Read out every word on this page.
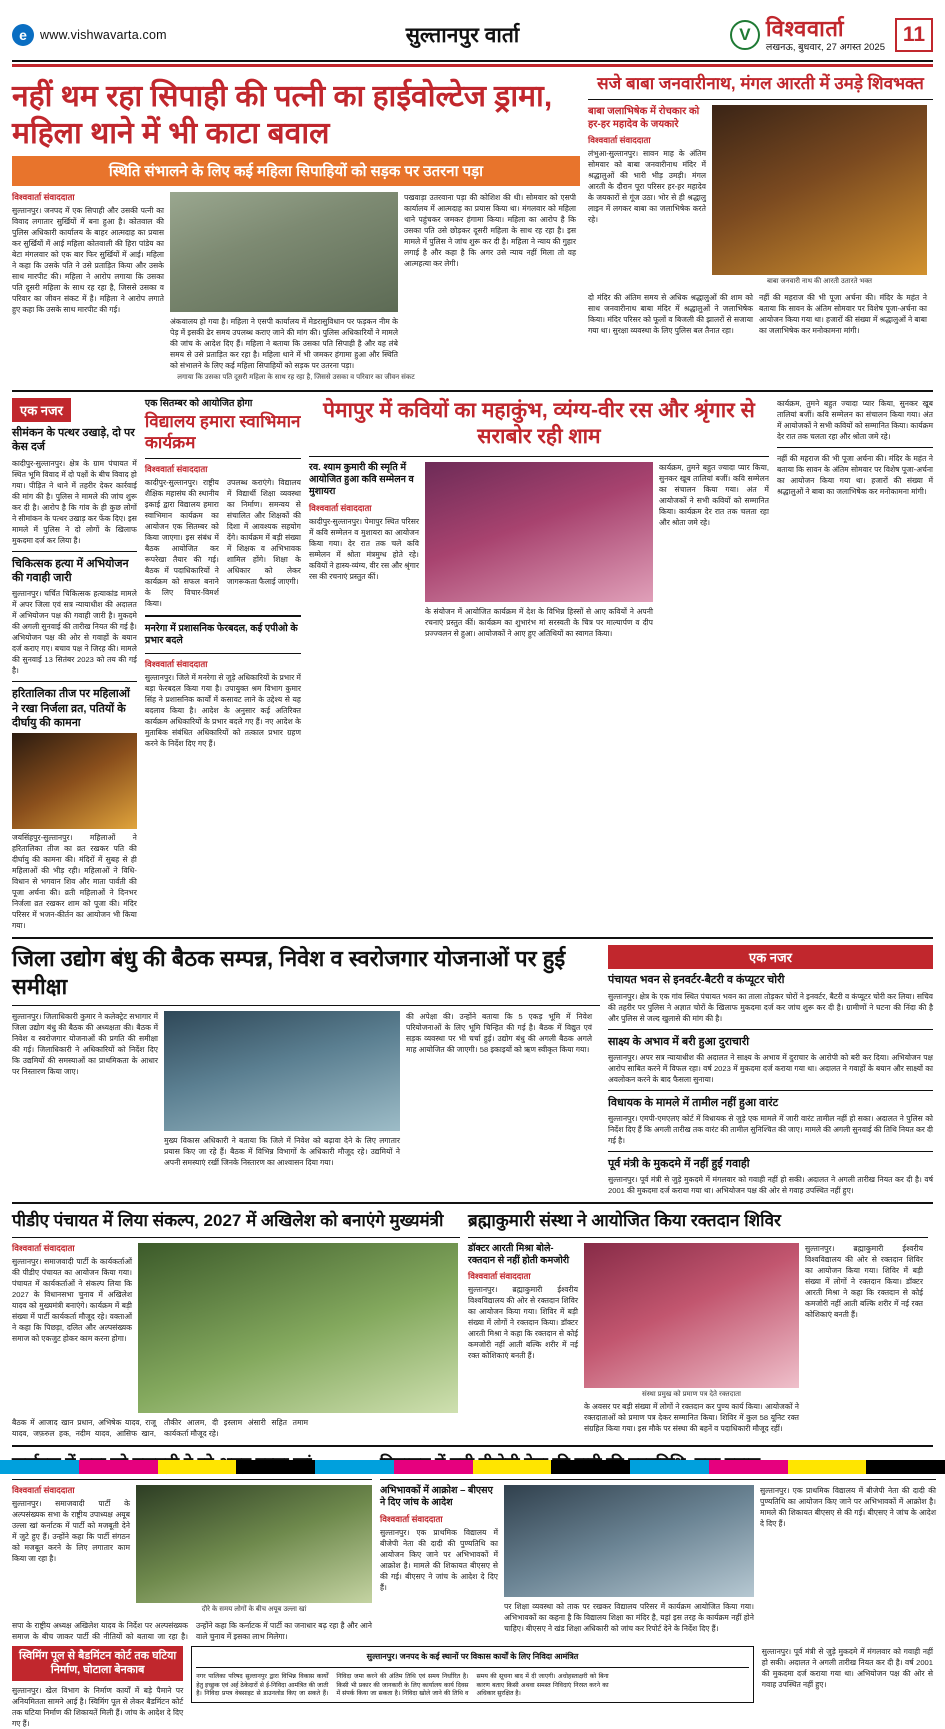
e	www.vishwavarta.com	सुल्तानपुर वार्ता	V विश्ववार्ता
लखनऊ, बुधवार, 27 अगस्त 2025
11
नहीं थम रहा सिपाही की पत्नी का हाईवोल्टेज ड्रामा, महिला थाने में भी काटा बवाल
स्थिति संभालने के लिए कई महिला सिपाहियों को सड़क पर उतरना पड़ा
विश्ववार्ता संवाददाता
सुल्तानपुर। जनपद में एक सिपाही और उसकी पत्नी का विवाद लगातार सुर्खियों में बना हुआ है। कोतवाल की पुलिस अधिकारी कार्यालय के बाहर आत्मदाह का प्रयास कर सुर्खियों में आई महिला कोतवाली की हिरा पांडेय का बेटा मंगलवार को एक बार फिर सुर्खियों में आई। महिला ने कहा कि उसके पति ने उसे प्रताड़ित किया और उसके साथ मारपीट की। महिला ने आरोप लगाया कि उसका पति दूसरी महिला के साथ रह रहा है, जिससे उसका व परिवार का जीवन संकट में है। महिला ने आरोप लगाते हुए कहा कि उसके साथ मारपीट की गई।
अंकवालय हो गया है। महिला ने एसपी कार्यालय में मेडरासुविधान पर फड़कन नीम के पेड़ में इसकी ढेर समय उपलब्ध कराए जाने की मांग की। पुलिस अधिकारियों ने मामले की जांच के आदेश दिए हैं। महिला ने बताया कि उसका पति सिपाही है और वह लंबे समय से उसे प्रताड़ित कर रहा है। महिला थाने में भी जमकर हंगामा हुआ और स्थिति को संभालने के लिए कई महिला सिपाहियों को सड़क पर उतरना पड़ा।
पखवाड़ा उतरवाना पड़ा की कोशिश की थी। सोमवार को एसपी कार्यालय में आत्मदाह का प्रयास किया था। मंगलवार को महिला थाने पहुंचकर जमकर हंगामा किया। महिला का आरोप है कि उसका पति उसे छोड़कर दूसरी महिला के साथ रह रहा है। इस मामले में पुलिस ने जांच शुरू कर दी है। महिला ने न्याय की गुहार लगाई है और कहा है कि अगर उसे न्याय नहीं मिला तो वह आत्महत्या कर लेगी।
लगाया कि उसका पति दूसरी महिला के साथ रह रहा है, जिससे उसका व परिवार का जीवन संकट
सजे बाबा जनवारीनाथ, मंगल आरती में उमड़े शिवभक्त
बाबा जलाभिषेक में रोचकार को हर-हर महादेव के जयकारे
विश्ववार्ता संवाददाता
लंभुआ-सुल्तानपुर। सावन माह के अंतिम सोमवार को बाबा जनवारीनाथ मंदिर में श्रद्धालुओं की भारी भीड़ उमड़ी। मंगल आरती के दौरान पूरा परिसर हर-हर महादेव के जयकारों से गूंज उठा। भोर से ही श्रद्धालु लाइन में लगकर बाबा का जलाभिषेक करते रहे।
बाबा जनवारी नाथ की आरती उतारते भक्त
दो मंदिर की अंतिम समय से अधिक श्रद्धालुओं की शाम को साथ जनवारीनाथ बाबा मंदिर में श्रद्धालुओं ने जलाभिषेक किया। मंदिर परिसर को फूलों व बिजली की झालरों से सजाया गया था। सुरक्षा व्यवस्था के लिए पुलिस बल तैनात रहा।
नहीं की महराज की भी पूजा अर्चना की। मंदिर के महंत ने बताया कि सावन के अंतिम सोमवार पर विशेष पूजा-अर्चना का आयोजन किया गया था। हजारों की संख्या में श्रद्धालुओं ने बाबा का जलाभिषेक कर मनोकामना मांगी।
एक नजर
सीमंकन के पत्थर उखाड़े, दो पर केस दर्ज
कादीपुर-सुल्तानपुर। क्षेत्र के ग्राम पंचायत में स्थित भूमि विवाद में दो पक्षों के बीच विवाद हो गया। पीड़ित ने थाने में तहरीर देकर कार्रवाई की मांग की है। पुलिस ने मामले की जांच शुरू कर दी है। आरोप है कि गांव के ही कुछ लोगों ने सीमांकन के पत्थर उखाड़ कर फेंक दिए। इस मामले में पुलिस ने दो लोगों के खिलाफ मुकदमा दर्ज कर लिया है।
चिकित्सक हत्या में अभियोजन की गवाही जारी
सुल्तानपुर। चर्चित चिकित्सक हत्याकांड मामले में अपर जिला एवं सत्र न्यायाधीश की अदालत में अभियोजन पक्ष की गवाही जारी है। मुकदमे की अगली सुनवाई की तारीख नियत की गई है। अभियोजन पक्ष की ओर से गवाहों के बयान दर्ज कराए गए। बचाव पक्ष ने जिरह की। मामले की सुनवाई 13 सितंबर 2023 को तय की गई है।
हरितालिका तीज पर महिलाओं ने रखा निर्जला व्रत, पतियों के दीर्घायु की कामना
जयसिंहपुर-सुल्तानपुर। महिलाओं ने हरितालिका तीज का व्रत रखकर पति की दीर्घायु की कामना की। मंदिरों में सुबह से ही महिलाओं की भीड़ रही। महिलाओं ने विधि-विधान से भगवान शिव और माता पार्वती की पूजा अर्चना की। व्रती महिलाओं ने दिनभर निर्जला व्रत रखकर शाम को पूजा की। मंदिर परिसर में भजन-कीर्तन का आयोजन भी किया गया।
एक सितम्बर को आयोजित होगा
विद्यालय हमारा स्वाभिमान कार्यक्रम
विश्ववार्ता संवाददाता
कादीपुर-सुल्तानपुर। राष्ट्रीय शैक्षिक महासंघ की स्थानीय इकाई द्वारा विद्यालय हमारा स्वाभिमान कार्यक्रम का आयोजन एक सितम्बर को किया जाएगा। इस संबंध में बैठक आयोजित कर रूपरेखा तैयार की गई। बैठक में पदाधिकारियों ने कार्यक्रम को सफल बनाने के लिए विचार-विमर्श किया।
उपलब्ध कराएंगे। विद्यालय में विद्यार्थी शिक्षा व्यवस्था का निर्माण। समन्वय से संचालित और शिक्षकों की दिशा में आवश्यक सहयोग देंगे। कार्यक्रम में बड़ी संख्या में शिक्षक व अभिभावक शामिल होंगे। शिक्षा के अधिकार को लेकर जागरूकता फैलाई जाएगी।
मनरेगा में प्रशासनिक फेरबदल, कई एपीओ के प्रभार बदले
विश्ववार्ता संवाददाता
सुल्तानपुर। जिले में मनरेगा से जुड़े अधिकारियों के प्रभार में बड़ा फेरबदल किया गया है। उपायुक्त श्रम विभाग कुमार सिंह ने प्रशासनिक कार्यों में कसावट लाने के उद्देश्य से यह बदलाव किया है। आदेश के अनुसार कई अतिरिक्त कार्यक्रम अधिकारियों के प्रभार बदले गए हैं। नए आदेश के मुताबिक संबंधित अधिकारियों को तत्काल प्रभार ग्रहण करने के निर्देश दिए गए हैं।
पेमापुर में कवियों का महाकुंभ, व्यंग्य-वीर रस और श्रृंगार से सराबोर रही शाम
रव. श्याम कुमारी की स्मृति में आयोजित हुआ कवि सम्मेलन व मुशायरा
विश्ववार्ता संवाददाता
कादीपुर-सुल्तानपुर। पेमापुर स्थित परिसर में कवि सम्मेलन व मुशायरा का आयोजन किया गया। देर रात तक चले कवि सम्मेलन में श्रोता मंत्रमुग्ध होते रहे। कवियों ने हास्य-व्यंग्य, वीर रस और श्रृंगार रस की रचनाएं प्रस्तुत कीं।
के संयोजन में आयोजित कार्यक्रम में देश के विभिन्न हिस्सों से आए कवियों ने अपनी रचनाएं प्रस्तुत कीं। कार्यक्रम का शुभारंभ मां सरस्वती के चित्र पर माल्यार्पण व दीप प्रज्ज्वलन से हुआ। आयोजकों ने आए हुए अतिथियों का स्वागत किया।
कार्यक्रम, तुमने बहुत ज्यादा प्यार किया, सुनकर खूब तालियां बजीं। कवि सम्मेलन का संचालन किया गया। अंत में आयोजकों ने सभी कवियों को सम्मानित किया। कार्यक्रम देर रात तक चलता रहा और श्रोता जमे रहे।
कार्यक्रम, तुमने बहुत ज्यादा प्यार किया, सुनकर खूब तालियां बजीं। कवि सम्मेलन का संचालन किया गया। अंत में आयोजकों ने सभी कवियों को सम्मानित किया। कार्यक्रम देर रात तक चलता रहा और श्रोता जमे रहे।
नहीं की महराज की भी पूजा अर्चना की। मंदिर के महंत ने बताया कि सावन के अंतिम सोमवार पर विशेष पूजा-अर्चना का आयोजन किया गया था। हजारों की संख्या में श्रद्धालुओं ने बाबा का जलाभिषेक कर मनोकामना मांगी।
जिला उद्योग बंधु की बैठक सम्पन्न, निवेश व स्वरोजगार योजनाओं पर हुई समीक्षा
सुल्तानपुर। जिलाधिकारी कुमार ने कलेक्ट्रेट सभागार में जिला उद्योग बंधु की बैठक की अध्यक्षता की। बैठक में निवेश व स्वरोजगार योजनाओं की प्रगति की समीक्षा की गई। जिलाधिकारी ने अधिकारियों को निर्देश दिए कि उद्यमियों की समस्याओं का प्राथमिकता के आधार पर निस्तारण किया जाए।
मुख्य विकास अधिकारी ने बताया कि जिले में निवेश को बढ़ावा देने के लिए लगातार प्रयास किए जा रहे हैं। बैठक में विभिन्न विभागों के अधिकारी मौजूद रहे। उद्यमियों ने अपनी समस्याएं रखीं जिनके निस्तारण का आश्वासन दिया गया।
की अपेक्षा की। उन्होंने बताया कि 5 एकड़ भूमि में निवेश परियोजनाओं के लिए भूमि चिन्हित की गई है। बैठक में विद्युत एवं सड़क व्यवस्था पर भी चर्चा हुई। उद्योग बंधु की अगली बैठक अगले माह आयोजित की जाएगी। 58 इकाइयों को ऋण स्वीकृत किया गया।
एक नजर
पंचायत भवन से इनवर्टर-बैटरी व कंप्यूटर चोरी
सुल्तानपुर। क्षेत्र के एक गांव स्थित पंचायत भवन का ताला तोड़कर चोरों ने इनवर्टर, बैटरी व कंप्यूटर चोरी कर लिया। सचिव की तहरीर पर पुलिस ने अज्ञात चोरों के खिलाफ मुकदमा दर्ज कर जांच शुरू कर दी है। ग्रामीणों ने घटना की निंदा की है और पुलिस से जल्द खुलासे की मांग की है।
साक्ष्य के अभाव में बरी हुआ दुराचारी
सुल्तानपुर। अपर सत्र न्यायाधीश की अदालत ने साक्ष्य के अभाव में दुराचार के आरोपी को बरी कर दिया। अभियोजन पक्ष आरोप साबित करने में विफल रहा। वर्ष 2023 में मुकदमा दर्ज कराया गया था। अदालत ने गवाहों के बयान और साक्ष्यों का अवलोकन करने के बाद फैसला सुनाया।
विधायक के मामले में तामील नहीं हुआ वारंट
सुल्तानपुर। एमपी-एमएलए कोर्ट में विधायक से जुड़े एक मामले में जारी वारंट तामील नहीं हो सका। अदालत ने पुलिस को निर्देश दिए हैं कि अगली तारीख तक वारंट की तामील सुनिश्चित की जाए। मामले की अगली सुनवाई की तिथि नियत कर दी गई है।
पूर्व मंत्री के मुकदमे में नहीं हुई गवाही
सुल्तानपुर। पूर्व मंत्री से जुड़े मुकदमे में मंगलवार को गवाही नहीं हो सकी। अदालत ने अगली तारीख नियत कर दी है। वर्ष 2001 की मुकदमा दर्ज कराया गया था। अभियोजन पक्ष की ओर से गवाह उपस्थित नहीं हुए।
पीडीए पंचायत में लिया संकल्प, 2027 में अखिलेश को बनाएंगे मुख्यमंत्री
विश्ववार्ता संवाददाता
सुल्तानपुर। समाजवादी पार्टी के कार्यकर्ताओं की पीडीए पंचायत का आयोजन किया गया। पंचायत में कार्यकर्ताओं ने संकल्प लिया कि 2027 के विधानसभा चुनाव में अखिलेश यादव को मुख्यमंत्री बनाएंगे। कार्यक्रम में बड़ी संख्या में पार्टी कार्यकर्ता मौजूद रहे। वक्ताओं ने कहा कि पिछड़ा, दलित और अल्पसंख्यक समाज को एकजुट होकर काम करना होगा।
बैठक में आजाद खान प्रधान, अभिषेक यादव, राजू यादव, जफ़रुल हक, नदीम यादव, आसिफ खान, तौकीर आलम, दी इस्लाम अंसारी सहित तमाम कार्यकर्ता मौजूद रहे।
ब्रह्माकुमारी संस्था ने आयोजित किया रक्तदान शिविर
डॉक्टर आरती मिश्रा बोले- रक्तदान से नहीं होती कमजोरी
विश्ववार्ता संवाददाता
सुल्तानपुर। ब्रह्माकुमारी ईश्वरीय विश्वविद्यालय की ओर से रक्तदान शिविर का आयोजन किया गया। शिविर में बड़ी संख्या में लोगों ने रक्तदान किया। डॉक्टर आरती मिश्रा ने कहा कि रक्तदान से कोई कमजोरी नहीं आती बल्कि शरीर में नई रक्त कोशिकाएं बनती हैं।
संस्था प्रमुख को प्रमाण पत्र देते रक्तदाता
के अवसर पर बड़ी संख्या में लोगों ने रक्तदान कर पुण्य कार्य किया। आयोजकों ने रक्तदाताओं को प्रमाण पत्र देकर सम्मानित किया। शिविर में कुल 58 यूनिट रक्त संग्रहित किया गया। इस मौके पर संस्था की बहनें व पदाधिकारी मौजूद रहीं।
सुल्तानपुर। ब्रह्माकुमारी ईश्वरीय विश्वविद्यालय की ओर से रक्तदान शिविर का आयोजन किया गया। शिविर में बड़ी संख्या में लोगों ने रक्तदान किया। डॉक्टर आरती मिश्रा ने कहा कि रक्तदान से कोई कमजोरी नहीं आती बल्कि शरीर में नई रक्त कोशिकाएं बनती हैं।
विश्ववार्ता संवाददाता
सुल्तानपुर। समाजवादी पार्टी के अल्पसंख्यक सभा के राष्ट्रीय उपाध्यक्ष अयूब उल्ला खां कर्नाटक में पार्टी को मजबूती देने में जुटे हुए हैं। उन्होंने कहा कि पार्टी संगठन को मजबूत करने के लिए लगातार काम किया जा रहा है।
दौरे के समय लोगों के बीच अयूब उल्ला खां
सपा के राष्ट्रीय अध्यक्ष अखिलेश यादव के निर्देश पर अल्पसंख्यक समाज के बीच जाकर पार्टी की नीतियों को बताया जा रहा है। उन्होंने कहा कि कर्नाटक में पार्टी का जनाधार बढ़ रहा है और आने वाले चुनाव में इसका लाभ मिलेगा।
अभिभावकों में आक्रोश – बीएसए ने दिए जांच के आदेश
विश्ववार्ता संवाददाता
सुल्तानपुर। एक प्राथमिक विद्यालय में बीजेपी नेता की दादी की पुण्यतिथि का आयोजन किए जाने पर अभिभावकों में आक्रोश है। मामले की शिकायत बीएसए से की गई। बीएसए ने जांच के आदेश दे दिए हैं।
पर शिक्षा व्यवस्था को ताक पर रखकर विद्यालय परिसर में कार्यक्रम आयोजित किया गया। अभिभावकों का कहना है कि विद्यालय शिक्षा का मंदिर है, यहां इस तरह के कार्यक्रम नहीं होने चाहिए। बीएसए ने खंड शिक्षा अधिकारी को जांच कर रिपोर्ट देने के निर्देश दिए हैं।
सुल्तानपुर। एक प्राथमिक विद्यालय में बीजेपी नेता की दादी की पुण्यतिथि का आयोजन किए जाने पर अभिभावकों में आक्रोश है। मामले की शिकायत बीएसए से की गई। बीएसए ने जांच के आदेश दे दिए हैं।
स्विमिंग पूल से बैडमिंटन कोर्ट तक घटिया निर्माण, घोटाला बेनकाब
सुल्तानपुर। खेल विभाग के निर्माण कार्यों में बड़े पैमाने पर अनियमितता सामने आई है। स्विमिंग पूल से लेकर बैडमिंटन कोर्ट तक घटिया निर्माण की शिकायतें मिली हैं। जांच के आदेश दे दिए गए हैं।
सुल्तानपुर। जनपद के कई स्थानों पर विकास कार्यों के लिए निविदा आमंत्रित
नगर पालिका परिषद सुल्तानपुर द्वारा विभिन्न विकास कार्यों हेतु इच्छुक एवं अर्ह ठेकेदारों से ई-निविदा आमंत्रित की जाती है। निविदा प्रपत्र वेबसाइट से डाउनलोड किए जा सकते हैं। निविदा जमा करने की अंतिम तिथि एवं समय निर्धारित है। किसी भी प्रकार की जानकारी के लिए कार्यालय कार्य दिवस में संपर्क किया जा सकता है। निविदा खोले जाने की तिथि व समय की सूचना बाद में दी जाएगी। अधोहस्ताक्षरी को बिना कारण बताए किसी अथवा समस्त निविदाएं निरस्त करने का अधिकार सुरक्षित है।
सुल्तानपुर। पूर्व मंत्री से जुड़े मुकदमे में मंगलवार को गवाही नहीं हो सकी। अदालत ने अगली तारीख नियत कर दी है। वर्ष 2001 की मुकदमा दर्ज कराया गया था। अभियोजन पक्ष की ओर से गवाह उपस्थित नहीं हुए।
